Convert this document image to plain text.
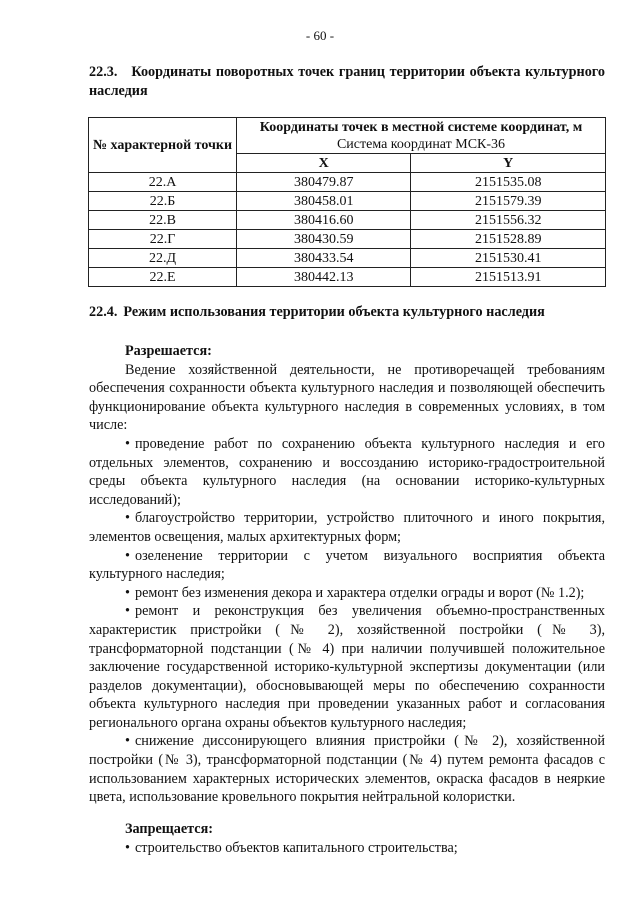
- 60 -
22.3. Координаты поворотных точек границ территории объекта культурного наследия
№ характерной точки	Координаты точек в местной системе координат, м
Система координат МСК-36	

	X	Y
22.А	380479.87	2151535.08
22.Б	380458.01	2151579.39
22.В	380416.60	2151556.32
22.Г	380430.59	2151528.89
22.Д	380433.54	2151530.41
22.Е	380442.13	2151513.91
22.4. Режим использования территории объекта культурного наследия
Разрешается:

Ведение хозяйственной деятельности, не противоречащей требованиям обеспечения сохранности объекта культурного наследия и позволяющей обеспечить функционирование объекта культурного наследия в современных условиях, в том числе:

• проведение работ по сохранению объекта культурного наследия и его отдельных элементов, сохранению и воссозданию историко-градостроительной среды объекта культурного наследия (на основании историко-культурных исследований);

• благоустройство территории, устройство плиточного и иного покрытия, элементов освещения, малых архитектурных форм;

• озеленение территории с учетом визуального восприятия объекта культурного наследия;

• ремонт без изменения декора и характера отделки ограды и ворот (№ 1.2);

• ремонт и реконструкция без увеличения объемно-пространственных характеристик пристройки (№ 2), хозяйственной постройки (№ 3), трансформаторной подстанции (№ 4) при наличии получившей положительное заключение государственной историко-культурной экспертизы документации (или разделов документации), обосновывающей меры по обеспечению сохранности объекта культурного наследия при проведении указанных работ и согласования регионального органа охраны объектов культурного наследия;

• снижение диссонирующего влияния пристройки (№ 2), хозяйственной постройки (№ 3), трансформаторной подстанции (№ 4) путем ремонта фасадов с использованием характерных исторических элементов, окраска фасадов в неяркие цвета, использование кровельного покрытия нейтральной колористки.

Запрещается:

• строительство объектов капитального строительства;
